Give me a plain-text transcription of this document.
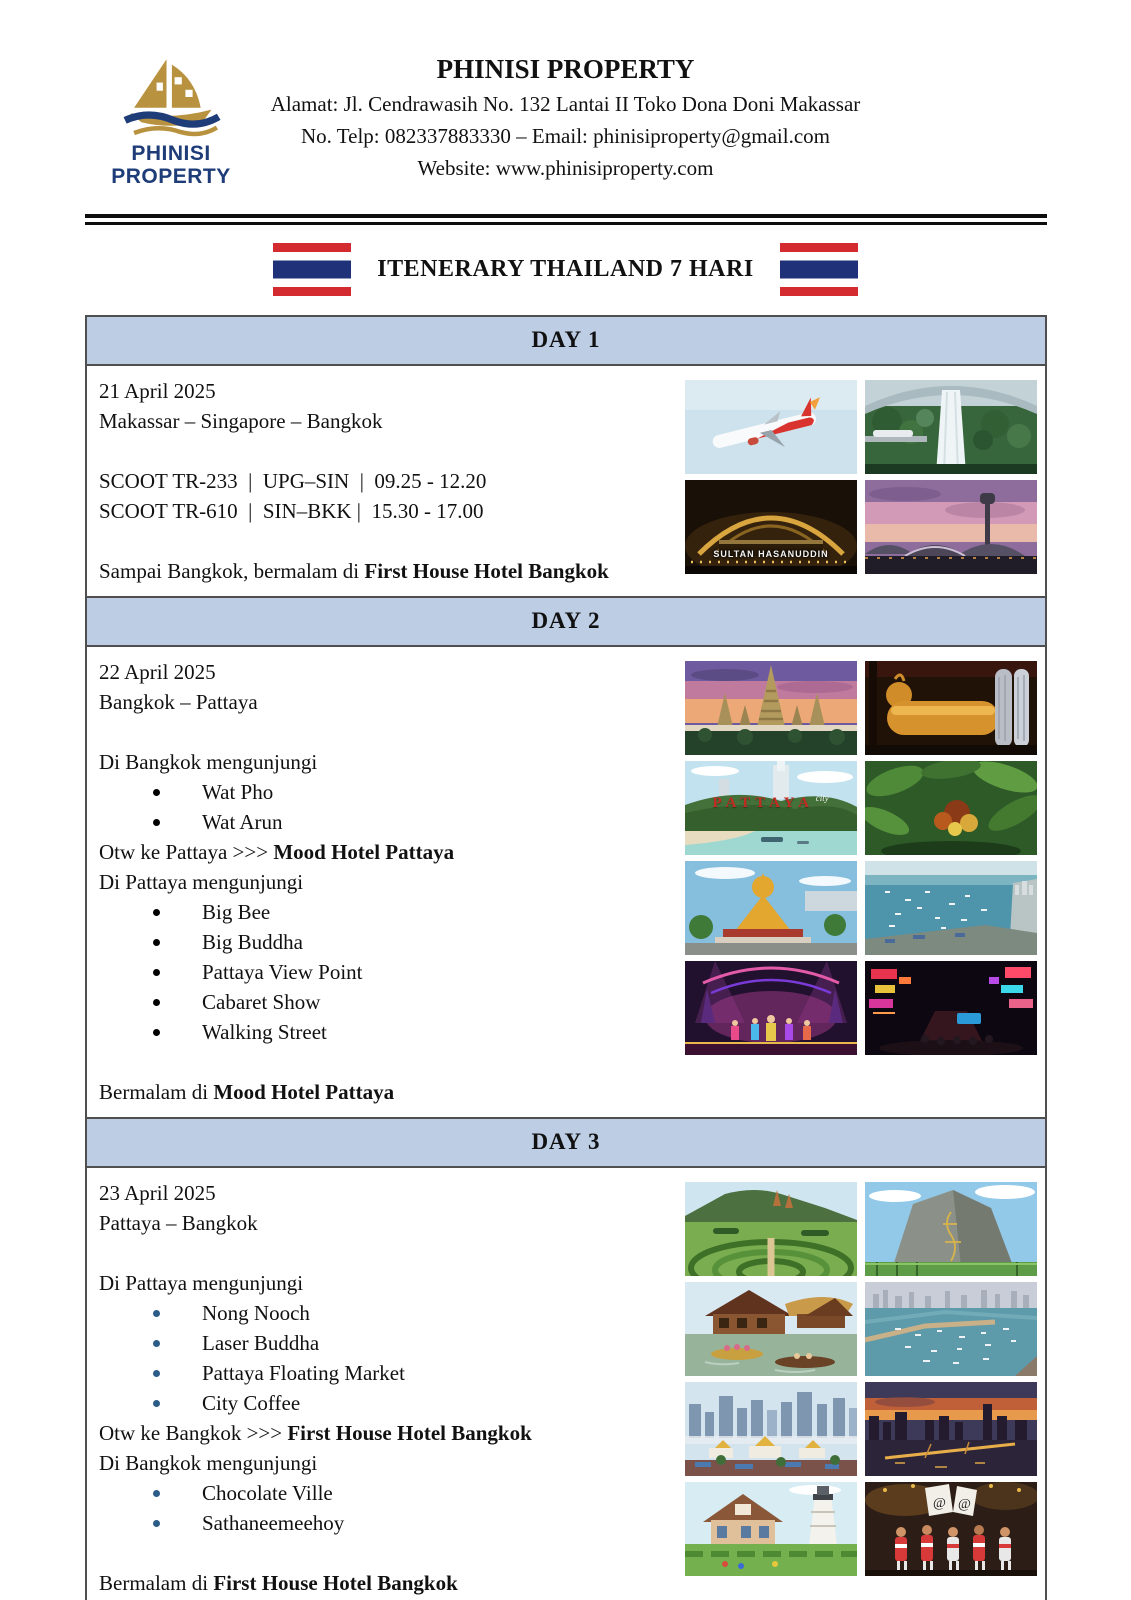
PHINISI
PROPERTY
PHINISI PROPERTY
Alamat: Jl. Cendrawasih No. 132 Lantai II Toko Dona Doni Makassar
No. Telp: 082337883330 – Email: phinisiproperty@gmail.com
Website: www.phinisiproperty.com
ITENERARY THAILAND 7 HARI
DAY 1
21 April 2025
Makassar – Singapore – Bangkok
SCOOT TR-233  |  UPG–SIN  |  09.25 - 12.20
SCOOT TR-610  |  SIN–BKK |  15.30 - 17.00
Sampai Bangkok, bermalam di First House Hotel Bangkok
SULTAN HASANUDDIN
DAY 2
22 April 2025
Bangkok – Pattaya
Di Bangkok mengunjungi
Wat Pho
Wat Arun
Otw ke Pattaya >>> Mood Hotel Pattaya
Di Pattaya mengunjungi
Big Bee
Big Buddha
Pattaya View Point
Cabaret Show
Walking Street
Bermalam di Mood Hotel Pattaya
PATTAYA city
DAY 3
23 April 2025
Pattaya – Bangkok
Di Pattaya mengunjungi
Nong Nooch
Laser Buddha
Pattaya Floating Market
City Coffee
Otw ke Bangkok >>> First House Hotel Bangkok
Di Bangkok mengunjungi
Chocolate Ville
Sathaneemeehoy
Bermalam di First House Hotel Bangkok
@ @
